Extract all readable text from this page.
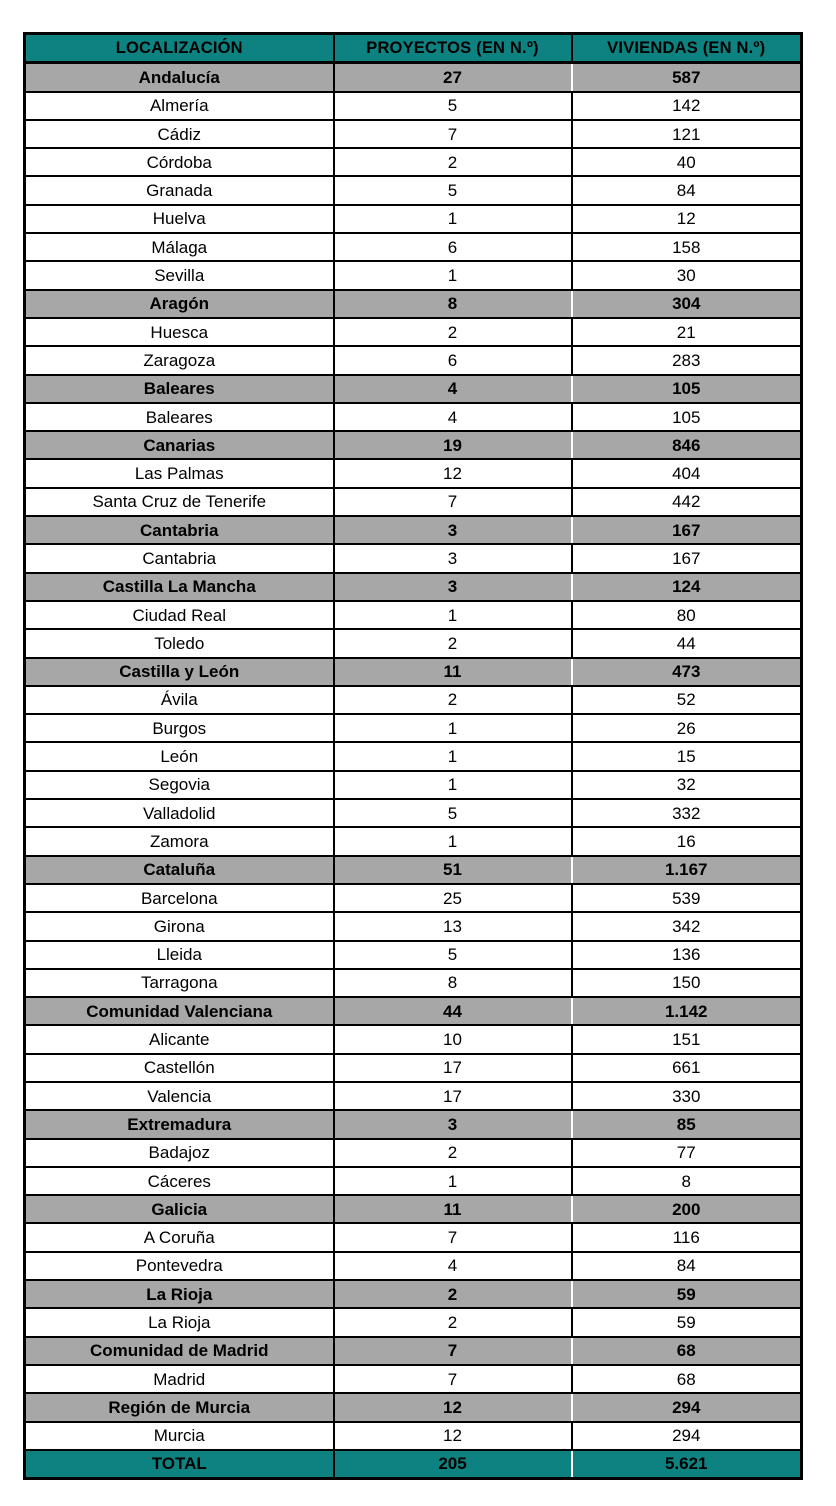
LOCALIZACIÓN	PROYECTOS (EN N.º)	VIVIENDAS (EN N.º)
Andalucía	27	587
Almería	5	142
Cádiz	7	121
Córdoba	2	40
Granada	5	84
Huelva	1	12
Málaga	6	158
Sevilla	1	30
Aragón	8	304
Huesca	2	21
Zaragoza	6	283
Baleares	4	105
Baleares	4	105
Canarias	19	846
Las Palmas	12	404
Santa Cruz de Tenerife	7	442
Cantabria	3	167
Cantabria	3	167
Castilla La Mancha	3	124
Ciudad Real	1	80
Toledo	2	44
Castilla y León	11	473
Ávila	2	52
Burgos	1	26
León	1	15
Segovia	1	32
Valladolid	5	332
Zamora	1	16
Cataluña	51	1.167
Barcelona	25	539
Girona	13	342
Lleida	5	136
Tarragona	8	150
Comunidad Valenciana	44	1.142
Alicante	10	151
Castellón	17	661
Valencia	17	330
Extremadura	3	85
Badajoz	2	77
Cáceres	1	8
Galicia	11	200
A Coruña	7	116
Pontevedra	4	84
La Rioja	2	59
La Rioja	2	59
Comunidad de Madrid	7	68
Madrid	7	68
Región de Murcia	12	294
Murcia	12	294
TOTAL	205	5.621
